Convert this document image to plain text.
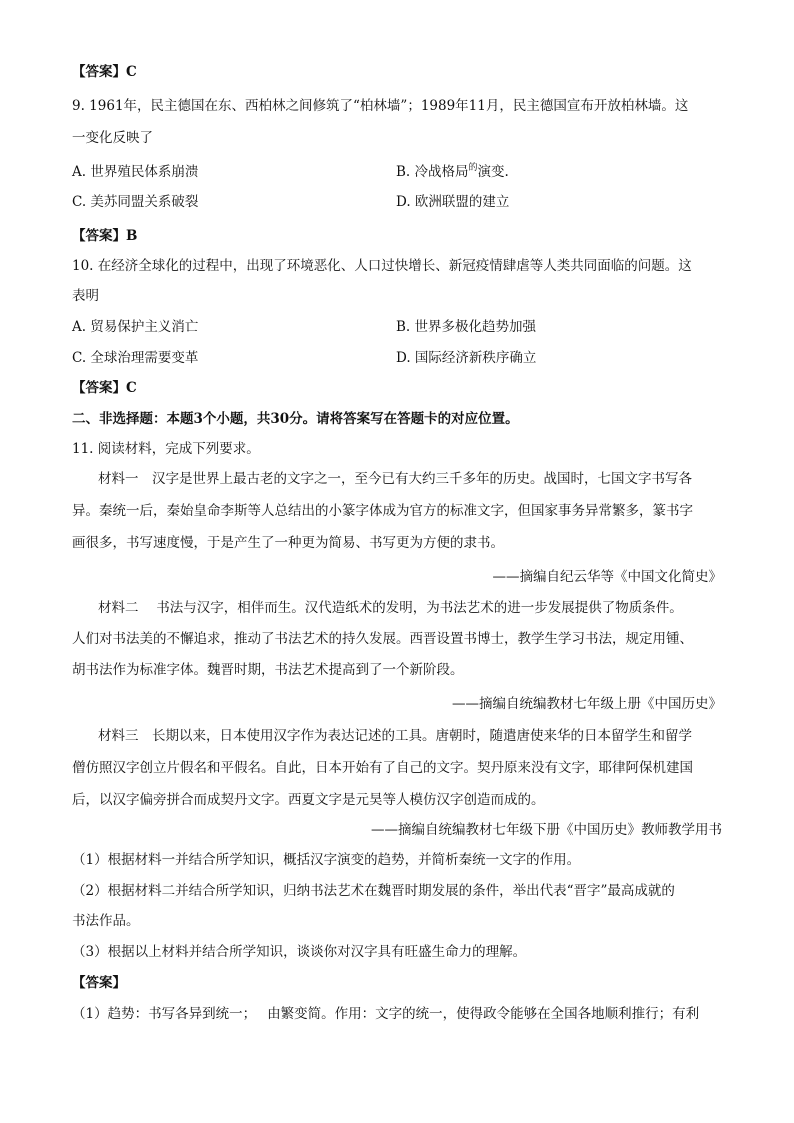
【答案】C
9. 1961年，民主德国在东、西柏林之间修筑了“柏林墙”；1989年11月，民主德国宣布开放柏林墙。这
一变化反映了
A. 世界殖民体系崩溃	B. 冷战格局$^的$演变.
C. 美苏同盟关系破裂	D. 欧洲联盟的建立
【答案】B
10. 在经济全球化的过程中，出现了环境恶化、人口过快增长、新冠疫情肆虐等人类共同面临的问题。这
表明
A. 贸易保护主义消亡	B. 世界多极化趋势加强
C. 全球治理需要变革	D. 国际经济新秩序确立
【答案】C
二、非选择题：本题3个小题，共30分。请将答案写在答题卡的对应位置。
11. 阅读材料，完成下列要求。
材料一　汉字是世界上最古老的文字之一，至今已有大约三千多年的历史。战国时，七国文字书写各
异。秦统一后，秦始皇命李斯等人总结出的小篆字体成为官方的标准文字，但国家事务异常繁多，篆书字
画很多，书写速度慢，于是产生了一种更为简易、书写更为方便的隶书。
——摘编自纪云华等《中国文化简史》
材料二　 书法与汉字，相伴而生。汉代造纸术的发明，为书法艺术的进一步发展提供了物质条件。
人们对书法美的不懈追求，推动了书法艺术的持久发展。西晋设置书博士，教学生学习书法，规定用锺、
胡书法作为标准字体。魏晋时期，书法艺术提高到了一个新阶段。
——摘编自统编教材七年级上册《中国历史》
材料三　长期以来，日本使用汉字作为表达记述的工具。唐朝时，随遣唐使来华的日本留学生和留学
僧仿照汉字创立片假名和平假名。自此，日本开始有了自己的文字。契丹原来没有文字，耶律阿保机建国
后，以汉字偏旁拼合而成契丹文字。西夏文字是元昊等人模仿汉字创造而成的。
——摘编自统编教材七年级下册《中国历史》教师教学用书
（1）根据材料一并结合所学知识，概括汉字演变的趋势，并简析秦统一文字的作用。
（2）根据材料二并结合所学知识，归纳书法艺术在魏晋时期发展的条件，举出代表“晋字”最高成就的
书法作品。
（3）根据以上材料并结合所学知识，谈谈你对汉字具有旺盛生命力的理解。
【答案】
（1）趋势：书写各异到统一；　 由繁变简。作用：文字的统一，使得政令能够在全国各地顺利推行；有利
